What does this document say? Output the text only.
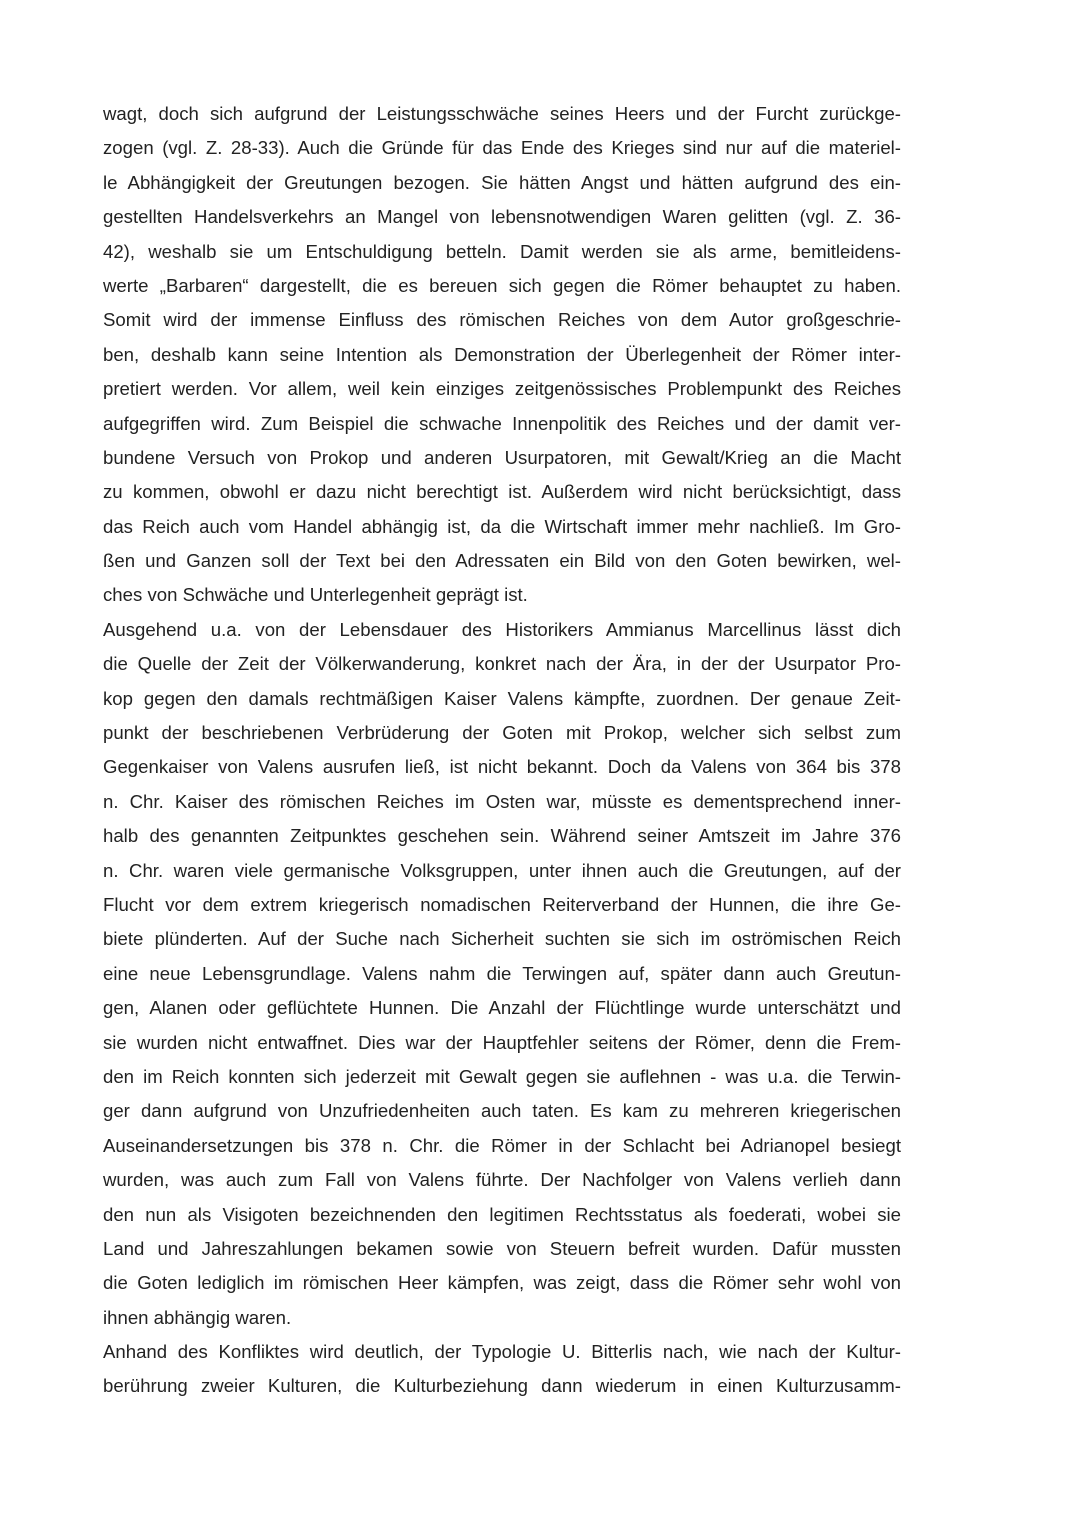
wagt, doch sich aufgrund der Leistungsschwäche seines Heers und der Furcht zurückge-
zogen (vgl. Z. 28-33). Auch die Gründe für das Ende des Krieges sind nur auf die materiel-
le Abhängigkeit der Greutungen bezogen. Sie hätten Angst und hätten aufgrund des ein-
gestellten Handelsverkehrs an Mangel von lebensnotwendigen Waren gelitten (vgl. Z. 36-
42), weshalb sie um Entschuldigung betteln. Damit werden sie als arme, bemitleidens-
werte „Barbaren“ dargestellt, die es bereuen sich gegen die Römer behauptet zu haben.
Somit wird der immense Einfluss des römischen Reiches von dem Autor großgeschrie-
ben, deshalb kann seine Intention als Demonstration der Überlegenheit der Römer inter-
pretiert werden. Vor allem, weil kein einziges zeitgenössisches Problempunkt des Reiches
aufgegriffen wird. Zum Beispiel die schwache Innenpolitik des Reiches und der damit ver-
bundene Versuch von Prokop und anderen Usurpatoren, mit Gewalt/Krieg an die Macht
zu kommen, obwohl er dazu nicht berechtigt ist. Außerdem wird nicht berücksichtigt, dass
das Reich auch vom Handel abhängig ist, da die Wirtschaft immer mehr nachließ. Im Gro-
ßen und Ganzen soll der Text bei den Adressaten ein Bild von den Goten bewirken, wel-
ches von Schwäche und Unterlegenheit geprägt ist.
Ausgehend u.a. von der Lebensdauer des Historikers Ammianus Marcellinus lässt dich
die Quelle der Zeit der Völkerwanderung, konkret nach der Ära, in der der Usurpator Pro-
kop gegen den damals rechtmäßigen Kaiser Valens kämpfte, zuordnen. Der genaue Zeit-
punkt der beschriebenen Verbrüderung der Goten mit Prokop, welcher sich selbst zum
Gegenkaiser von Valens ausrufen ließ, ist nicht bekannt. Doch da Valens von 364 bis 378
n. Chr. Kaiser des römischen Reiches im Osten war, müsste es dementsprechend inner-
halb des genannten Zeitpunktes geschehen sein. Während seiner Amtszeit im Jahre 376
n. Chr. waren viele germanische Volksgruppen, unter ihnen auch die Greutungen, auf der
Flucht vor dem extrem kriegerisch nomadischen Reiterverband der Hunnen, die ihre Ge-
biete plünderten. Auf der Suche nach Sicherheit suchten sie sich im oströmischen Reich
eine neue Lebensgrundlage. Valens nahm die Terwingen auf, später dann auch Greutun-
gen, Alanen oder geflüchtete Hunnen. Die Anzahl der Flüchtlinge wurde unterschätzt und
sie wurden nicht entwaffnet. Dies war der Hauptfehler seitens der Römer, denn die Frem-
den im Reich konnten sich jederzeit mit Gewalt gegen sie auflehnen - was u.a. die Terwin-
ger dann aufgrund von Unzufriedenheiten auch taten. Es kam zu mehreren kriegerischen
Auseinandersetzungen bis 378 n. Chr. die Römer in der Schlacht bei Adrianopel besiegt
wurden, was auch zum Fall von Valens führte. Der Nachfolger von Valens verlieh dann
den nun als Visigoten bezeichnenden den legitimen Rechtsstatus als foederati, wobei sie
Land und Jahreszahlungen bekamen sowie von Steuern befreit wurden. Dafür mussten
die Goten lediglich im römischen Heer kämpfen, was zeigt, dass die Römer sehr wohl von
ihnen abhängig waren.
Anhand des Konfliktes wird deutlich, der Typologie U. Bitterlis nach, wie nach der Kultur-
berührung zweier Kulturen, die Kulturbeziehung dann wiederum in einen Kulturzusamm-
